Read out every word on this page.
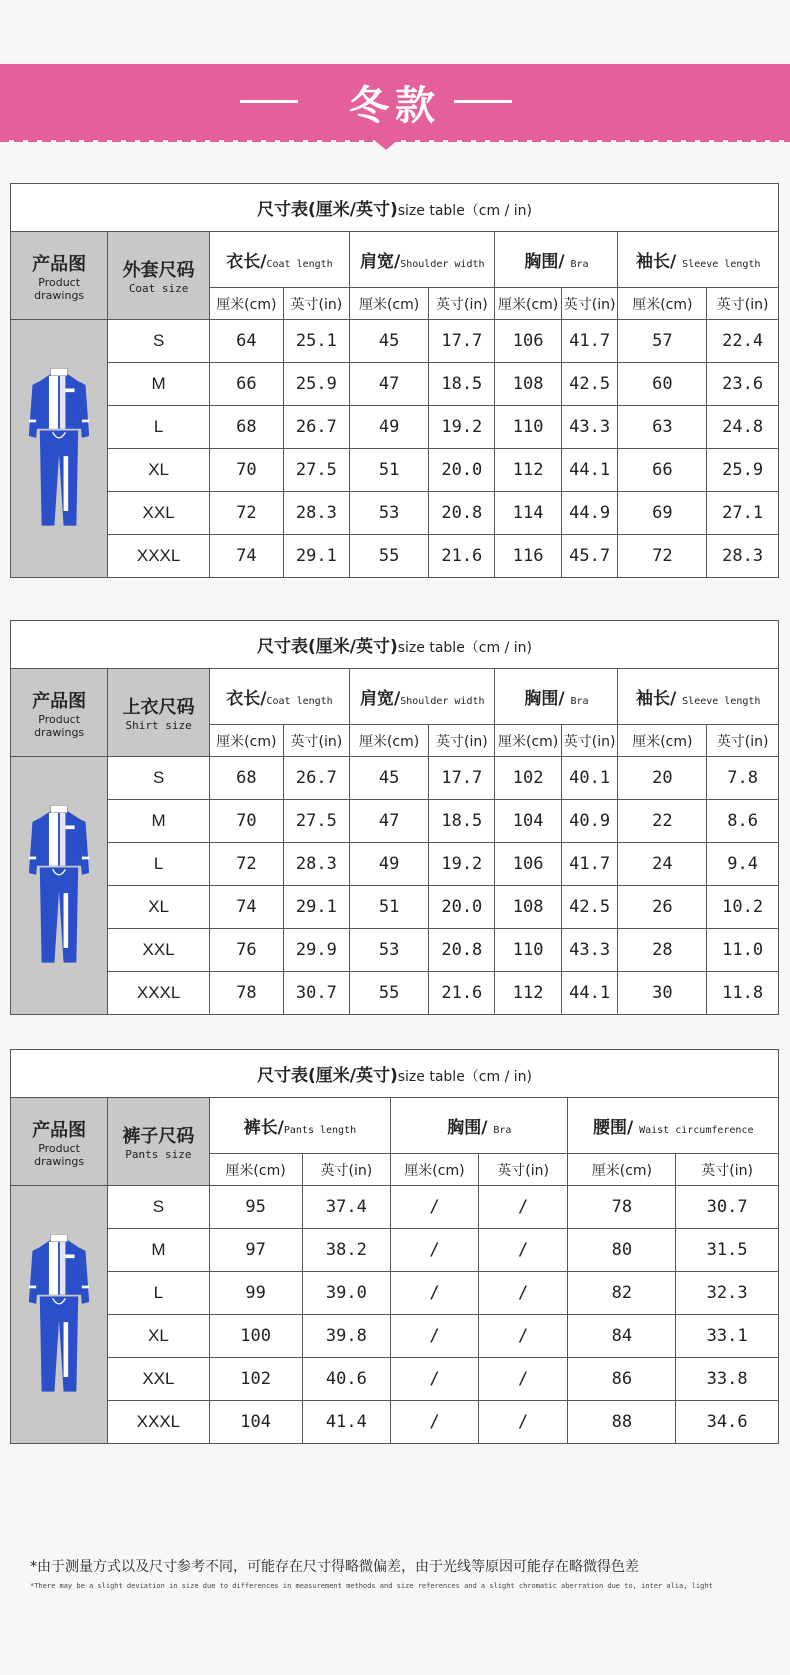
冬款
尺寸表(厘米/英寸)size table（cm / in)									

产品图
Product
drawings	外套尺码
Coat size	衣长/Coat length		肩宽/Shoulder width		胸围/ Bra		袖长/ Sleeve length	
		厘米(cm)	英寸(in)	厘米(cm)	英寸(in)	厘米(cm)	英寸(in)	厘米(cm)	英寸(in)
	S	64	25.1	45	17.7	106	41.7	57	22.4
	M	66	25.9	47	18.5	108	42.5	60	23.6
	L	68	26.7	49	19.2	110	43.3	63	24.8
	XL	70	27.5	51	20.0	112	44.1	66	25.9
	XXL	72	28.3	53	20.8	114	44.9	69	27.1
	XXXL	74	29.1	55	21.6	116	45.7	72	28.3
尺寸表(厘米/英寸)size table（cm / in)									

产品图
Product
drawings	上衣尺码
Shirt size	衣长/Coat length		肩宽/Shoulder width		胸围/ Bra		袖长/ Sleeve length	
		厘米(cm)	英寸(in)	厘米(cm)	英寸(in)	厘米(cm)	英寸(in)	厘米(cm)	英寸(in)
	S	68	26.7	45	17.7	102	40.1	20	7.8
	M	70	27.5	47	18.5	104	40.9	22	8.6
	L	72	28.3	49	19.2	106	41.7	24	9.4
	XL	74	29.1	51	20.0	108	42.5	26	10.2
	XXL	76	29.9	53	20.8	110	43.3	28	11.0
	XXXL	78	30.7	55	21.6	112	44.1	30	11.8
尺寸表(厘米/英寸)size table（cm / in)							

产品图
Product
drawings	裤子尺码
Pants size	裤长/Pants length		胸围/ Bra		腰围/ Waist circumference	
		厘米(cm)	英寸(in)	厘米(cm)	英寸(in)	厘米(cm)	英寸(in)
	S	95	37.4	/	/	78	30.7
	M	97	38.2	/	/	80	31.5
	L	99	39.0	/	/	82	32.3
	XL	100	39.8	/	/	84	33.1
	XXL	102	40.6	/	/	86	33.8
	XXXL	104	41.4	/	/	88	34.6
*由于测量方式以及尺寸参考不同，可能存在尺寸得略微偏差，由于光线等原因可能存在略微得色差
*There may be a slight deviation in size due to differences in measurement methods and size references and a slight chromatic aberration due to, inter alia, light
